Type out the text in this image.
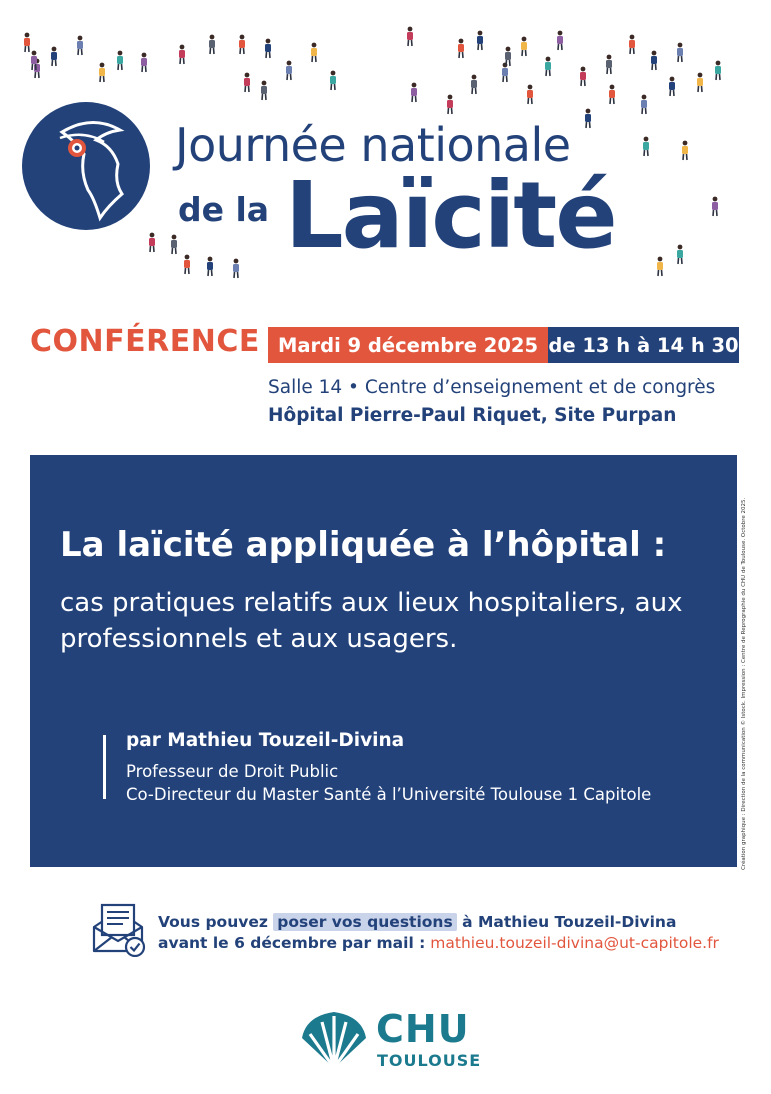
Journée nationale
de la Laïcité
CONFÉRENCE Mardi 9 décembre 2025 de 13 h à 14 h 30
Salle 14 • Centre d’enseignement et de congrès
Hôpital Pierre-Paul Riquet, Site Purpan
La laïcité appliquée à l’hôpital :
cas pratiques relatifs aux lieux hospitaliers, aux professionnels et aux usagers.
par Mathieu Touzeil-Divina
Professeur de Droit Public
Co-Directeur du Master Santé à l’Université Toulouse 1 Capitole	Création graphique : Direction de la communication © Istock. Impression : Centre de Reprographie du CHU de Toulouse. Octobre 2025.
Vous pouvez poser vos questions à Mathieu Touzeil-Divina
avant le 6 décembre par mail : mathieu.touzeil-divina@ut-capitole.fr
CHU
TOULOUSE
